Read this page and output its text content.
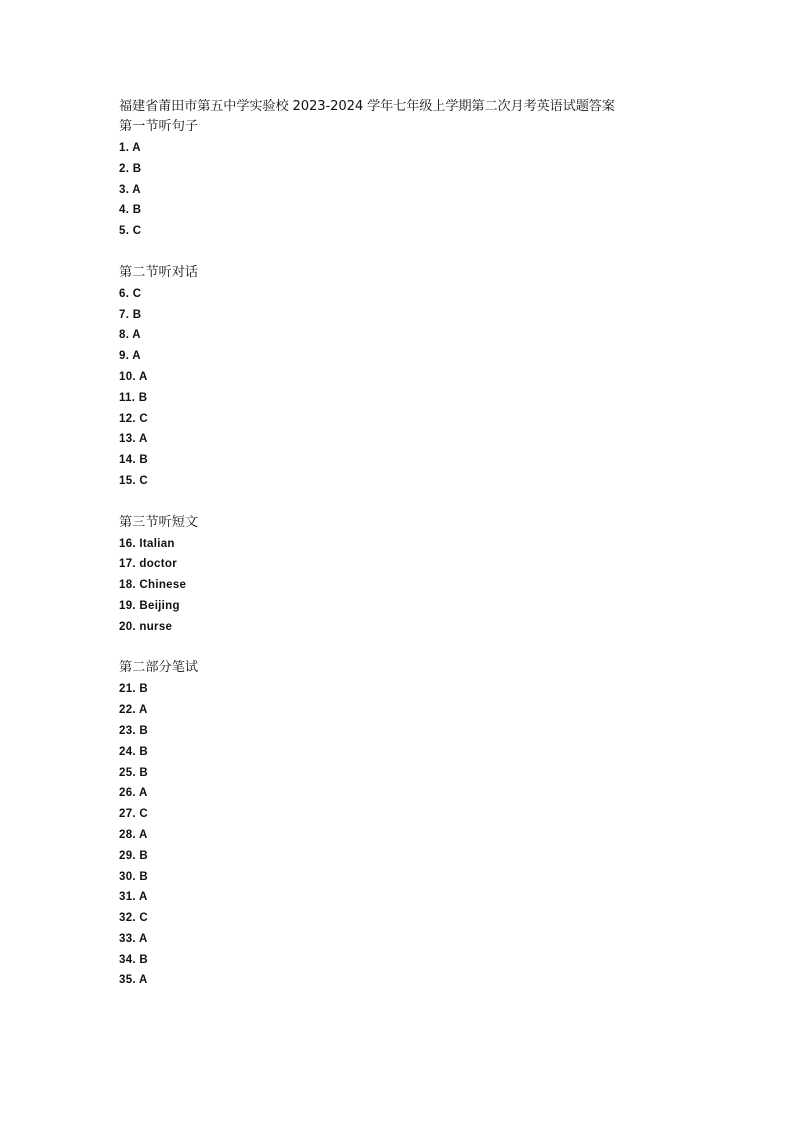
福建省莆田市第五中学实验校 2023-2024 学年七年级上学期第二次月考英语试题答案
第一节听句子
1. A
2. B
3. A
4. B
5. C
第二节听对话
6. C
7. B
8. A
9. A
10. A
11. B
12. C
13. A
14. B
15. C
第三节听短文
16. Italian
17. doctor
18. Chinese
19. Beijing
20. nurse
第二部分笔试
21. B
22. A
23. B
24. B
25. B
26. A
27. C
28. A
29. B
30. B
31. A
32. C
33. A
34. B
35. A
